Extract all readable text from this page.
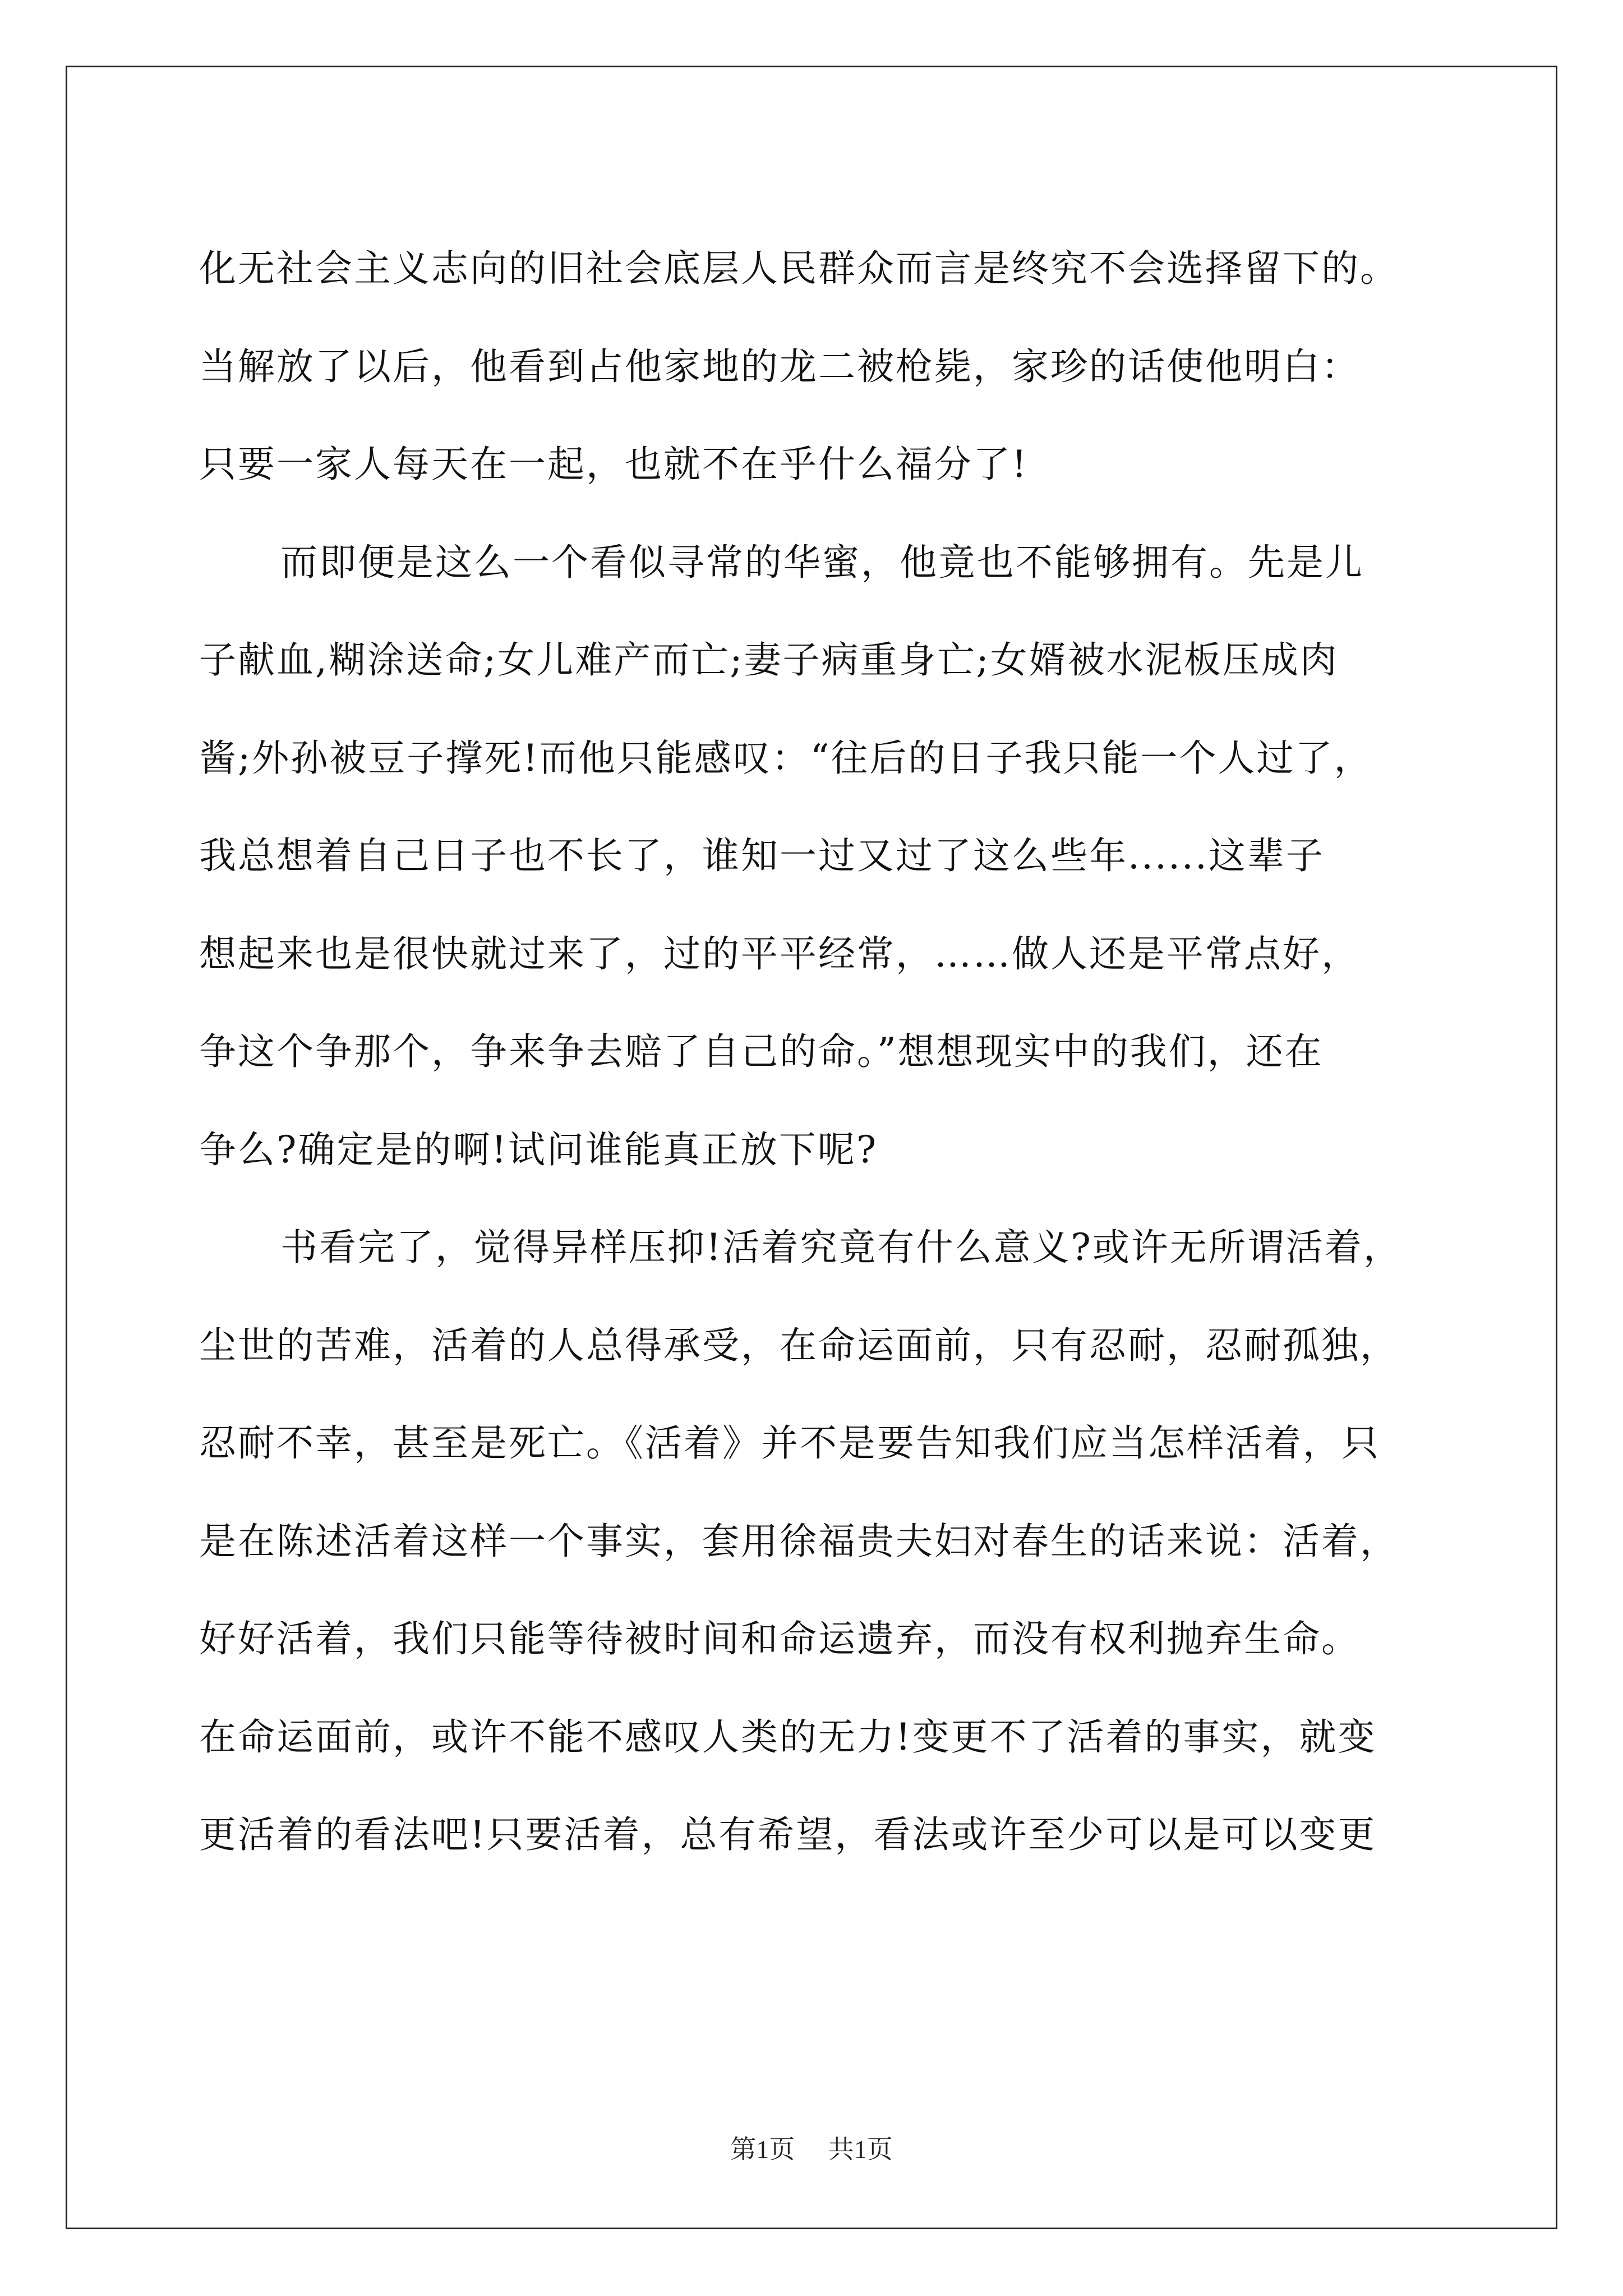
化无社会主义志向的旧社会底层人民群众而言是终究不会选择留下的。
当解放了以后，他看到占他家地的龙二被枪毙，家珍的话使他明白：
只要一家人每天在一起，也就不在乎什么福分了!
而即便是这么一个看似寻常的华蜜，他竟也不能够拥有。先是儿
子献血,糊涂送命;女儿难产而亡;妻子病重身亡;女婿被水泥板压成肉
酱;外孙被豆子撑死!而他只能感叹：“往后的日子我只能一个人过了，
我总想着自己日子也不长了，谁知一过又过了这么些年......这辈子
想起来也是很快就过来了，过的平平经常，……做人还是平常点好，
争这个争那个，争来争去赔了自己的命。”想想现实中的我们，还在
争么?确定是的啊!试问谁能真正放下呢?
书看完了，觉得异样压抑!活着究竟有什么意义?或许无所谓活着，
尘世的苦难，活着的人总得承受，在命运面前，只有忍耐，忍耐孤独，
忍耐不幸，甚至是死亡。《活着》并不是要告知我们应当怎样活着，只
是在陈述活着这样一个事实，套用徐福贵夫妇对春生的话来说：活着，
好好活着，我们只能等待被时间和命运遗弃，而没有权利抛弃生命。
在命运面前，或许不能不感叹人类的无力!变更不了活着的事实，就变
更活着的看法吧!只要活着，总有希望，看法或许至少可以是可以变更
第1页 共1页
